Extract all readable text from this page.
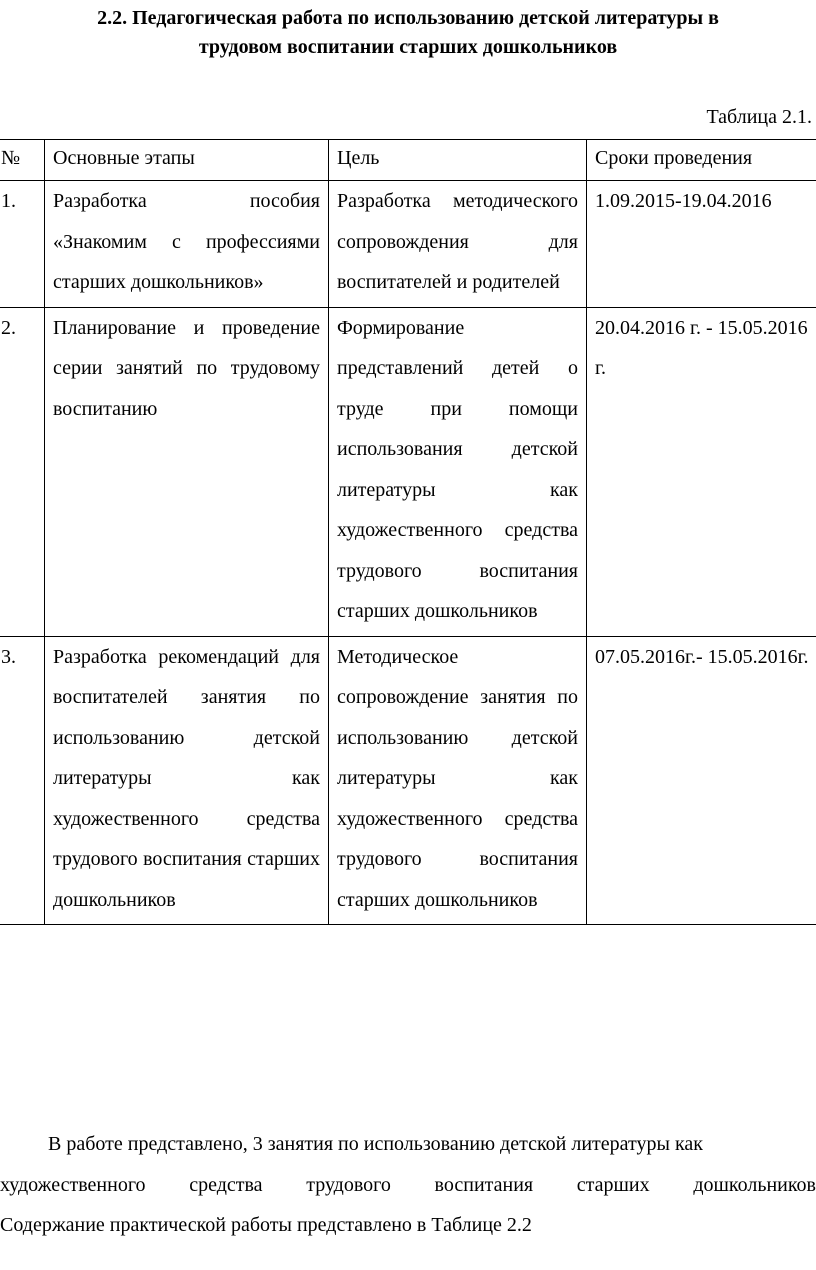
2.2. Педагогическая работа по использованию детской литературы в
трудовом воспитании старших дошкольников
Таблица 2.1.
№	Основные этапы	Цель	Сроки проведения
1.	Разработка пособия «Знакомим с профессиями старших дошкольников»	Разработка методического сопровождения для воспитателей и родителей	1.09.2015-19.04.2016
2.	Планирование и проведение серии занятий по трудовому воспитанию	Формирование представлений детей о труде при помощи использования детской литературы как художественного средства трудового воспитания старших дошкольников	20.04.2016 г. - 15.05.2016 г.
3.	Разработка рекомендаций для воспитателей занятия по использованию детской литературы как художественного средства трудового воспитания старших дошкольников	Методическое сопровождение занятия по использованию детской литературы как художественного средства трудового воспитания старших дошкольников	07.05.2016г.- 15.05.2016г.

В работе представлено, 3 занятия по использованию детской литературы как

художественного средства трудового воспитания старших дошкольников

Содержание практической работы представлено в Таблице 2.2
